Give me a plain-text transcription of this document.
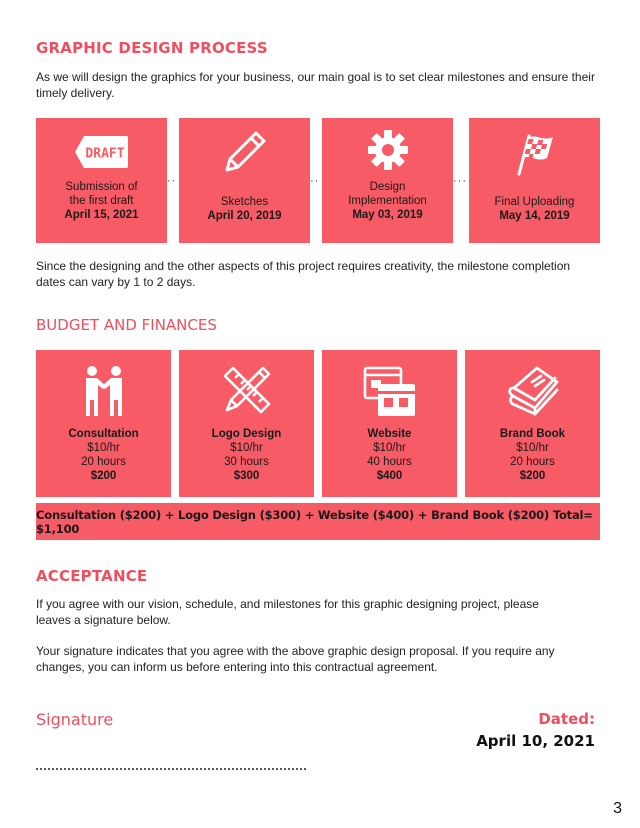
GRAPHIC DESIGN PROCESS

As we will design the graphics for your business, our main goal is to set clear milestones and ensure their timely delivery.

DRAFT
Submission of
the first draft
April 15, 2021
··
Sketches
April 20, 2019
··	Design
Implementation
May 03, 2019
···
Final Uploading
May 14, 2019

Since the designing and the other aspects of this project requires creativity, the milestone completion dates can vary by 1 to 2 days.

BUDGET AND FINANCES
Consultation
$10/hr
20 hours
$200
Logo Design
$10/hr
30 hours
$300
Website
$10/hr
40 hours
$400
Brand Book
$10/hr
20 hours
$200
Consultation ($200) + Logo Design ($300) + Website ($400) + Brand Book ($200) Total= $1,100
ACCEPTANCE

If you agree with our vision, schedule, and milestones for this graphic designing project, please leaves a signature below.

Your signature indicates that you agree with the above graphic design proposal. If you require any changes, you can inform us before entering into this contractual agreement.

Signature	Dated:
April 10, 2021
3
